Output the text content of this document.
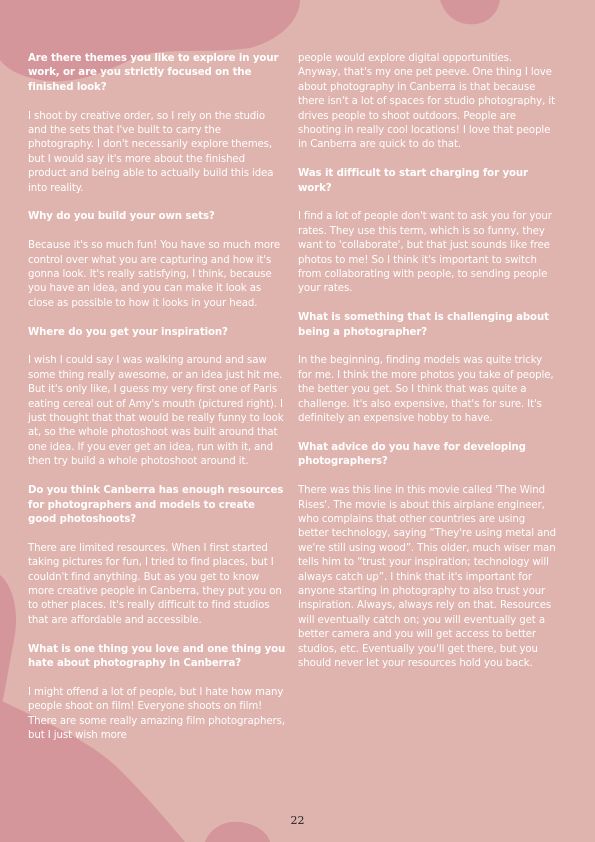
Are there themes you like to explore in your work, or are you strictly focused on the finished look?

I shoot by creative order, so I rely on the studio and the sets that I've built to carry the photography. I don't necessarily explore themes, but I would say it's more about the finished product and being able to actually build this idea into reality.

Why do you build your own sets?

Because it's so much fun! You have so much more control over what you are capturing and how it's gonna look. It's really satisfying, I think, because you have an idea, and you can make it look as close as possible to how it looks in your head.

Where do you get your inspiration?

I wish I could say I was walking around and saw some thing really awesome, or an idea just hit me. But it's only like, I guess my very first one of Paris eating cereal out of Amy's mouth (pictured right). I just thought that that would be really funny to look at, so the whole photoshoot was built around that one idea. If you ever get an idea, run with it, and then try build a whole photoshoot around it.

Do you think Canberra has enough resources for photographers and models to create good photoshoots?

There are limited resources. When I first started taking pictures for fun, I tried to find places, but I couldn't find anything. But as you get to know more creative people in Canberra, they put you on to other places. It's really difficult to find studios that are affordable and accessible.

What is one thing you love and one thing you hate about photography in Canberra?

I might offend a lot of people, but I hate how many people shoot on film! Everyone shoots on film! There are some really amazing film photographers, but I just wish more

people would explore digital opportunities. Anyway, that's my one pet peeve. One thing I love about photography in Canberra is that because there isn't a lot of spaces for studio photography, it drives people to shoot outdoors. People are shooting in really cool locations! I love that people in Canberra are quick to do that.

Was it difficult to start charging for your work?

I find a lot of people don't want to ask you for your rates. They use this term, which is so funny, they want to 'collaborate', but that just sounds like free photos to me! So I think it's important to switch from collaborating with people, to sending people your rates.

What is something that is challenging about being a photographer?

In the beginning, finding models was quite tricky for me. I think the more photos you take of people, the better you get. So I think that was quite a challenge. It's also expensive, that's for sure. It's definitely an expensive hobby to have.

What advice do you have for developing photographers?

There was this line in this movie called 'The Wind Rises'. The movie is about this airplane engineer, who complains that other countries are using better technology, saying “They're using metal and we're still using wood”. This older, much wiser man tells him to “trust your inspiration; technology will always catch up”. I think that it's important for anyone starting in photography to also trust your inspiration. Always, always rely on that. Resources will eventually catch on; you will eventually get a better camera and you will get access to better studios, etc. Eventually you'll get there, but you should never let your resources hold you back.

22
